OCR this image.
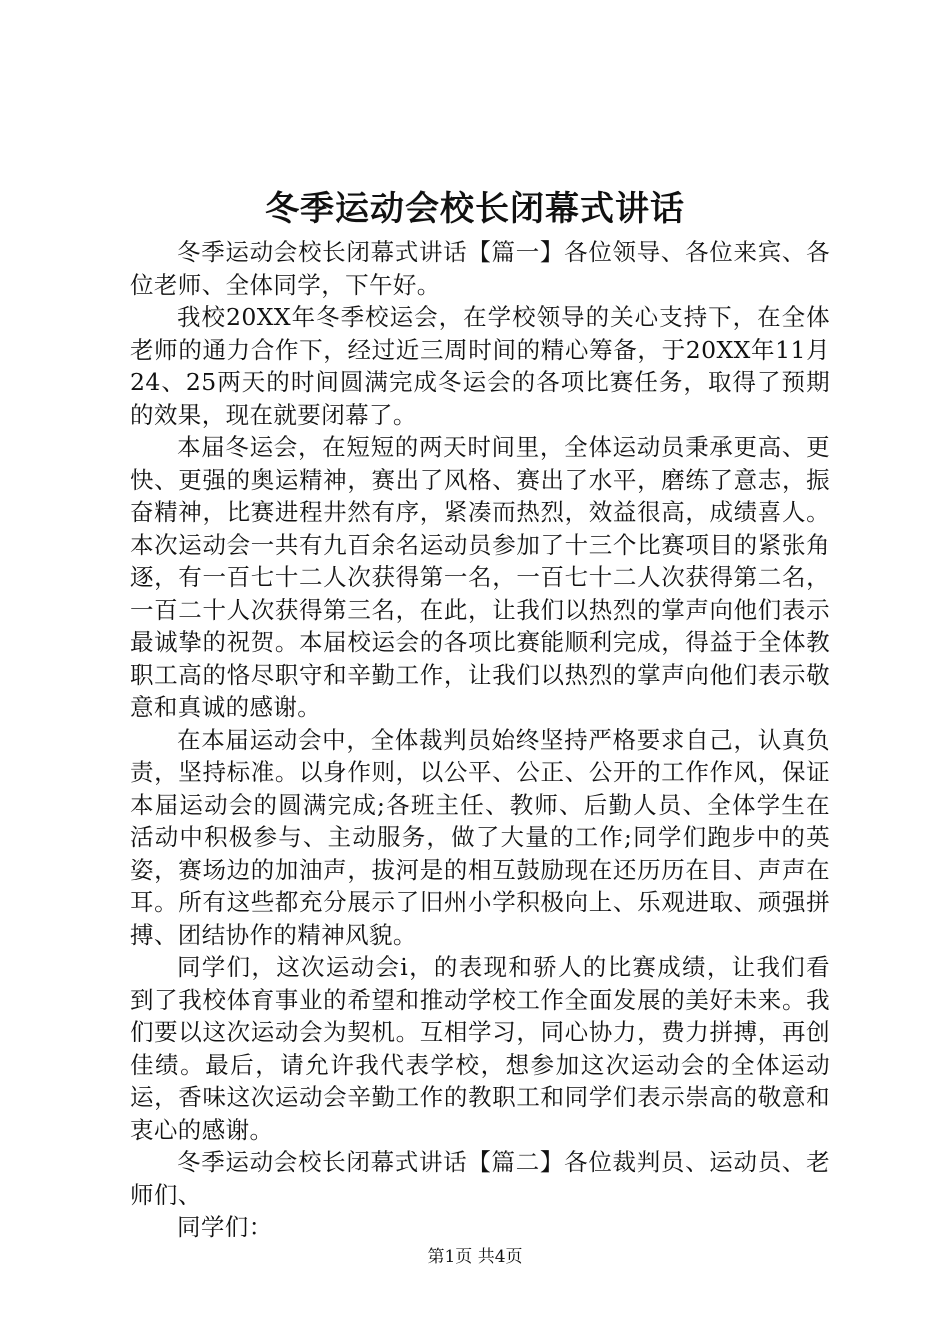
冬季运动会校长闭幕式讲话

冬季运动会校长闭幕式讲话【篇一】各位领导、各位来宾、各位老师、全体同学，下午好。

我校20XX年冬季校运会，在学校领导的关心支持下，在全体老师的通力合作下，经过近三周时间的精心筹备，于20XX年11月24、25两天的时间圆满完成冬运会的各项比赛任务，取得了预期的效果，现在就要闭幕了。

本届冬运会，在短短的两天时间里，全体运动员秉承更高、更快、更强的奥运精神，赛出了风格、赛出了水平，磨练了意志，振奋精神，比赛进程井然有序，紧凑而热烈，效益很高，成绩喜人。本次运动会一共有九百余名运动员参加了十三个比赛项目的紧张角逐，有一百七十二人次获得第一名，一百七十二人次获得第二名，一百二十人次获得第三名，在此，让我们以热烈的掌声向他们表示最诚挚的祝贺。本届校运会的各项比赛能顺利完成，得益于全体教职工高的恪尽职守和辛勤工作，让我们以热烈的掌声向他们表示敬意和真诚的感谢。

在本届运动会中，全体裁判员始终坚持严格要求自己，认真负责，坚持标准。以身作则，以公平、公正、公开的工作作风，保证本届运动会的圆满完成;各班主任、教师、后勤人员、全体学生在活动中积极参与、主动服务，做了大量的工作;同学们跑步中的英姿，赛场边的加油声，拔河是的相互鼓励现在还历历在目、声声在耳。所有这些都充分展示了旧州小学积极向上、乐观进取、顽强拼搏、团结协作的精神风貌。

同学们，这次运动会i，的表现和骄人的比赛成绩，让我们看到了我校体育事业的希望和推动学校工作全面发展的美好未来。我们要以这次运动会为契机。互相学习，同心协力，费力拼搏，再创佳绩。最后，请允许我代表学校，想参加这次运动会的全体运动运，香味这次运动会辛勤工作的教职工和同学们表示崇高的敬意和衷心的感谢。

冬季运动会校长闭幕式讲话【篇二】各位裁判员、运动员、老师们、

同学们：

第1页 共4页
